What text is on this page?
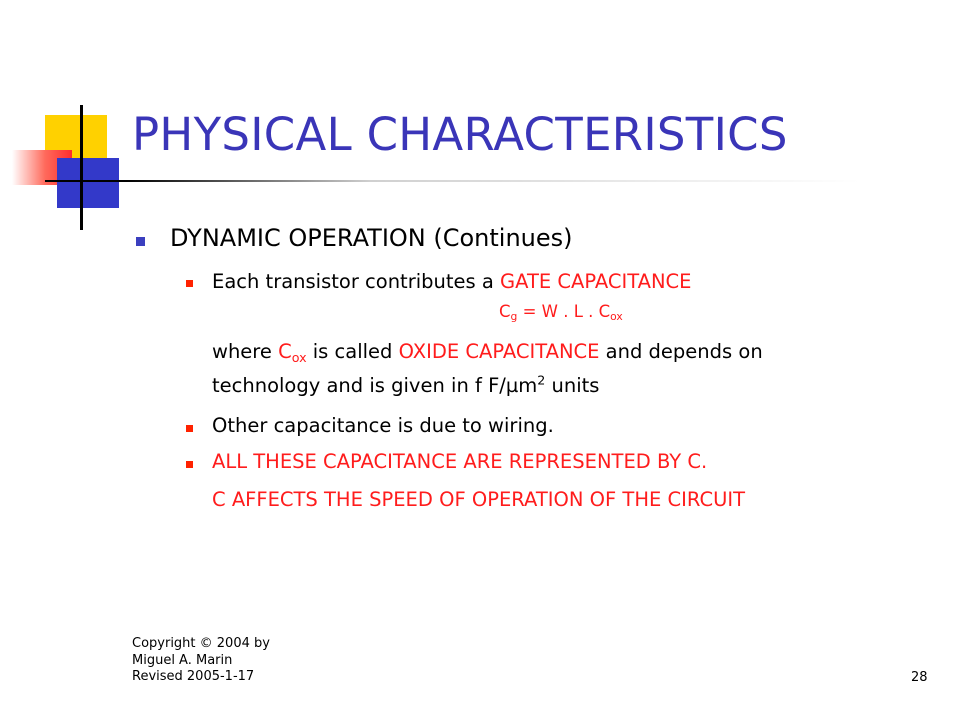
PHYSICAL CHARACTERISTICS
DYNAMIC OPERATION (Continues)
Each transistor contributes a GATE CAPACITANCE
$C_g = W$ . L . $C_{ox}$
where $C_{ox}$ is called OXIDE CAPACITANCE and depends on
technology and is given in f F/µm$^2$ units
Other capacitance is due to wiring.
ALL THESE CAPACITANCE ARE REPRESENTED BY C.
C AFFECTS THE SPEED OF OPERATION OF THE CIRCUIT
Copyright © 2004 by
Miguel A. Marin
Revised 2005-1-17	28
